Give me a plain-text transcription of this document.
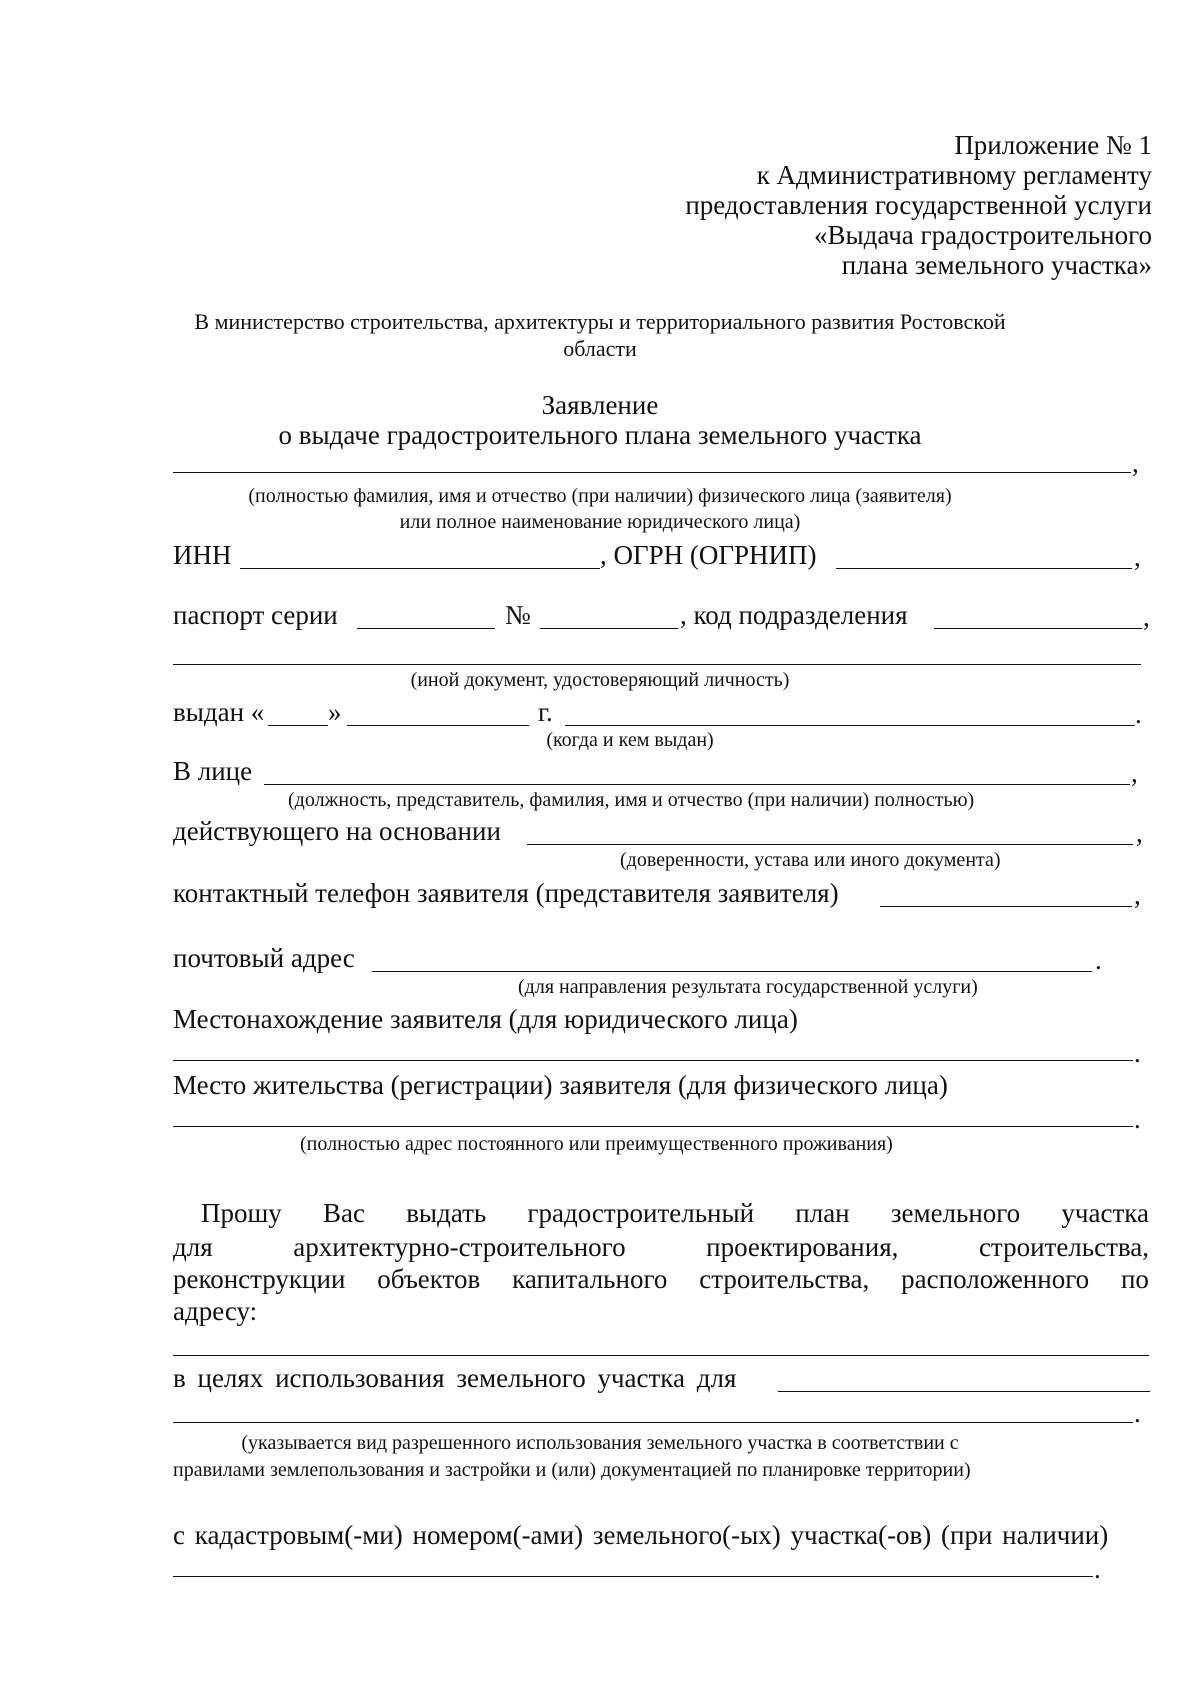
Приложение № 1
к Административному регламенту
предоставления государственной услуги
«Выдача градостроительного
плана земельного участка»
В министерство строительства, архитектуры и территориального развития Ростовской
области
Заявление
о выдаче градостроительного плана земельного участка
,
(полностью фамилия, имя и отчество (при наличии) физического лица (заявителя)
или полное наименование юридического лица)
ИНН	, ОГРН (ОГРНИП)	,
паспорт серии	№	, код подразделения	,
(иной документ, удостоверяющий личность)
выдан « »	г.	.
(когда и кем выдан)
В лице	,
(должность, представитель, фамилия, имя и отчество (при наличии) полностью)
действующего на основании	,
(доверенности, устава или иного документа)
контактный телефон заявителя (представителя заявителя)	,
почтовый адрес	.
(для направления результата государственной услуги)
Местонахождение заявителя (для юридического лица)
.
Место жительства (регистрации) заявителя (для физического лица)
.
(полностью адрес постоянного или преимущественного проживания)
Прошу Вас выдать градостроительный план земельного участка
для	архитектурно-строительного	проектирования,	строительства,
реконструкции объектов капитального строительства, расположенного по
адресу:
в целях использования земельного участка для
.
(указывается вид разрешенного использования земельного участка в соответствии с
правилами землепользования и застройки и (или) документацией по планировке территории)
с кадастровым(-ми) номером(-ами) земельного(-ых) участка(-ов) (при наличии)
.
